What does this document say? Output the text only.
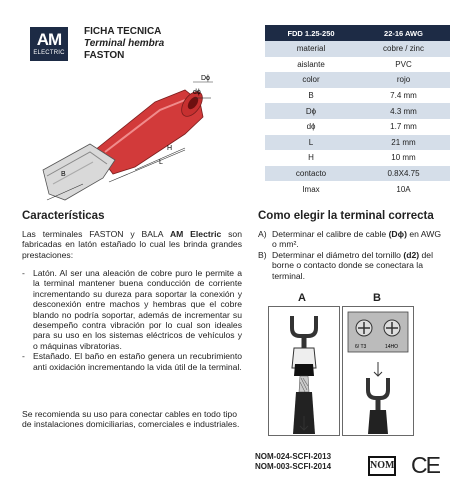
AM
ELECTRIC
FICHA TECNICA
Terminal hembra
FASTON
Dɸ
dɸ
H
L
B
FDD 1.25-250	22-16 AWG
material	cobre / zinc
aislante	PVC
color	rojo
B	7.4 mm
Dɸ	4.3 mm
dɸ	1.7 mm
L	21 mm
H	10 mm
contacto	0.8X4.75
Imax	10A
Características
Las terminales FASTON y BALA AM Electric son fabricadas en latón estañado lo cual les brinda grandes prestaciones:
- Latón. Al ser una aleación de cobre puro le permite a la terminal mantener buena conducción de corriente incrementando su dureza para soportar la conexión y desconexión entre machos y hembras que el cobre blando no podría soportar, además de incrementar su desempeño contra vibración por lo cual son ideales para su uso en los sistemas eléctricos de vehículos y o máquinas vibratorias.
- Estañado. El baño en estaño genera un recubrimiento anti oxidación incrementando la vida útil de la terminal.
Se recomienda su uso para conectar cables en todo tipo de instalaciones domiciliarias, comerciales e industriales.
Como elegir la terminal correcta
A) Determinar el calibre de cable (Dɸ) en AWG o mm².
B) Determinar el diámetro del tornillo (d2) del borne o contacto donde se conectara la terminal.
A	B
6/ T3	14HO
NOM-024-SCFI-2013
NOM-003-SCFI-2014	NOM CE
